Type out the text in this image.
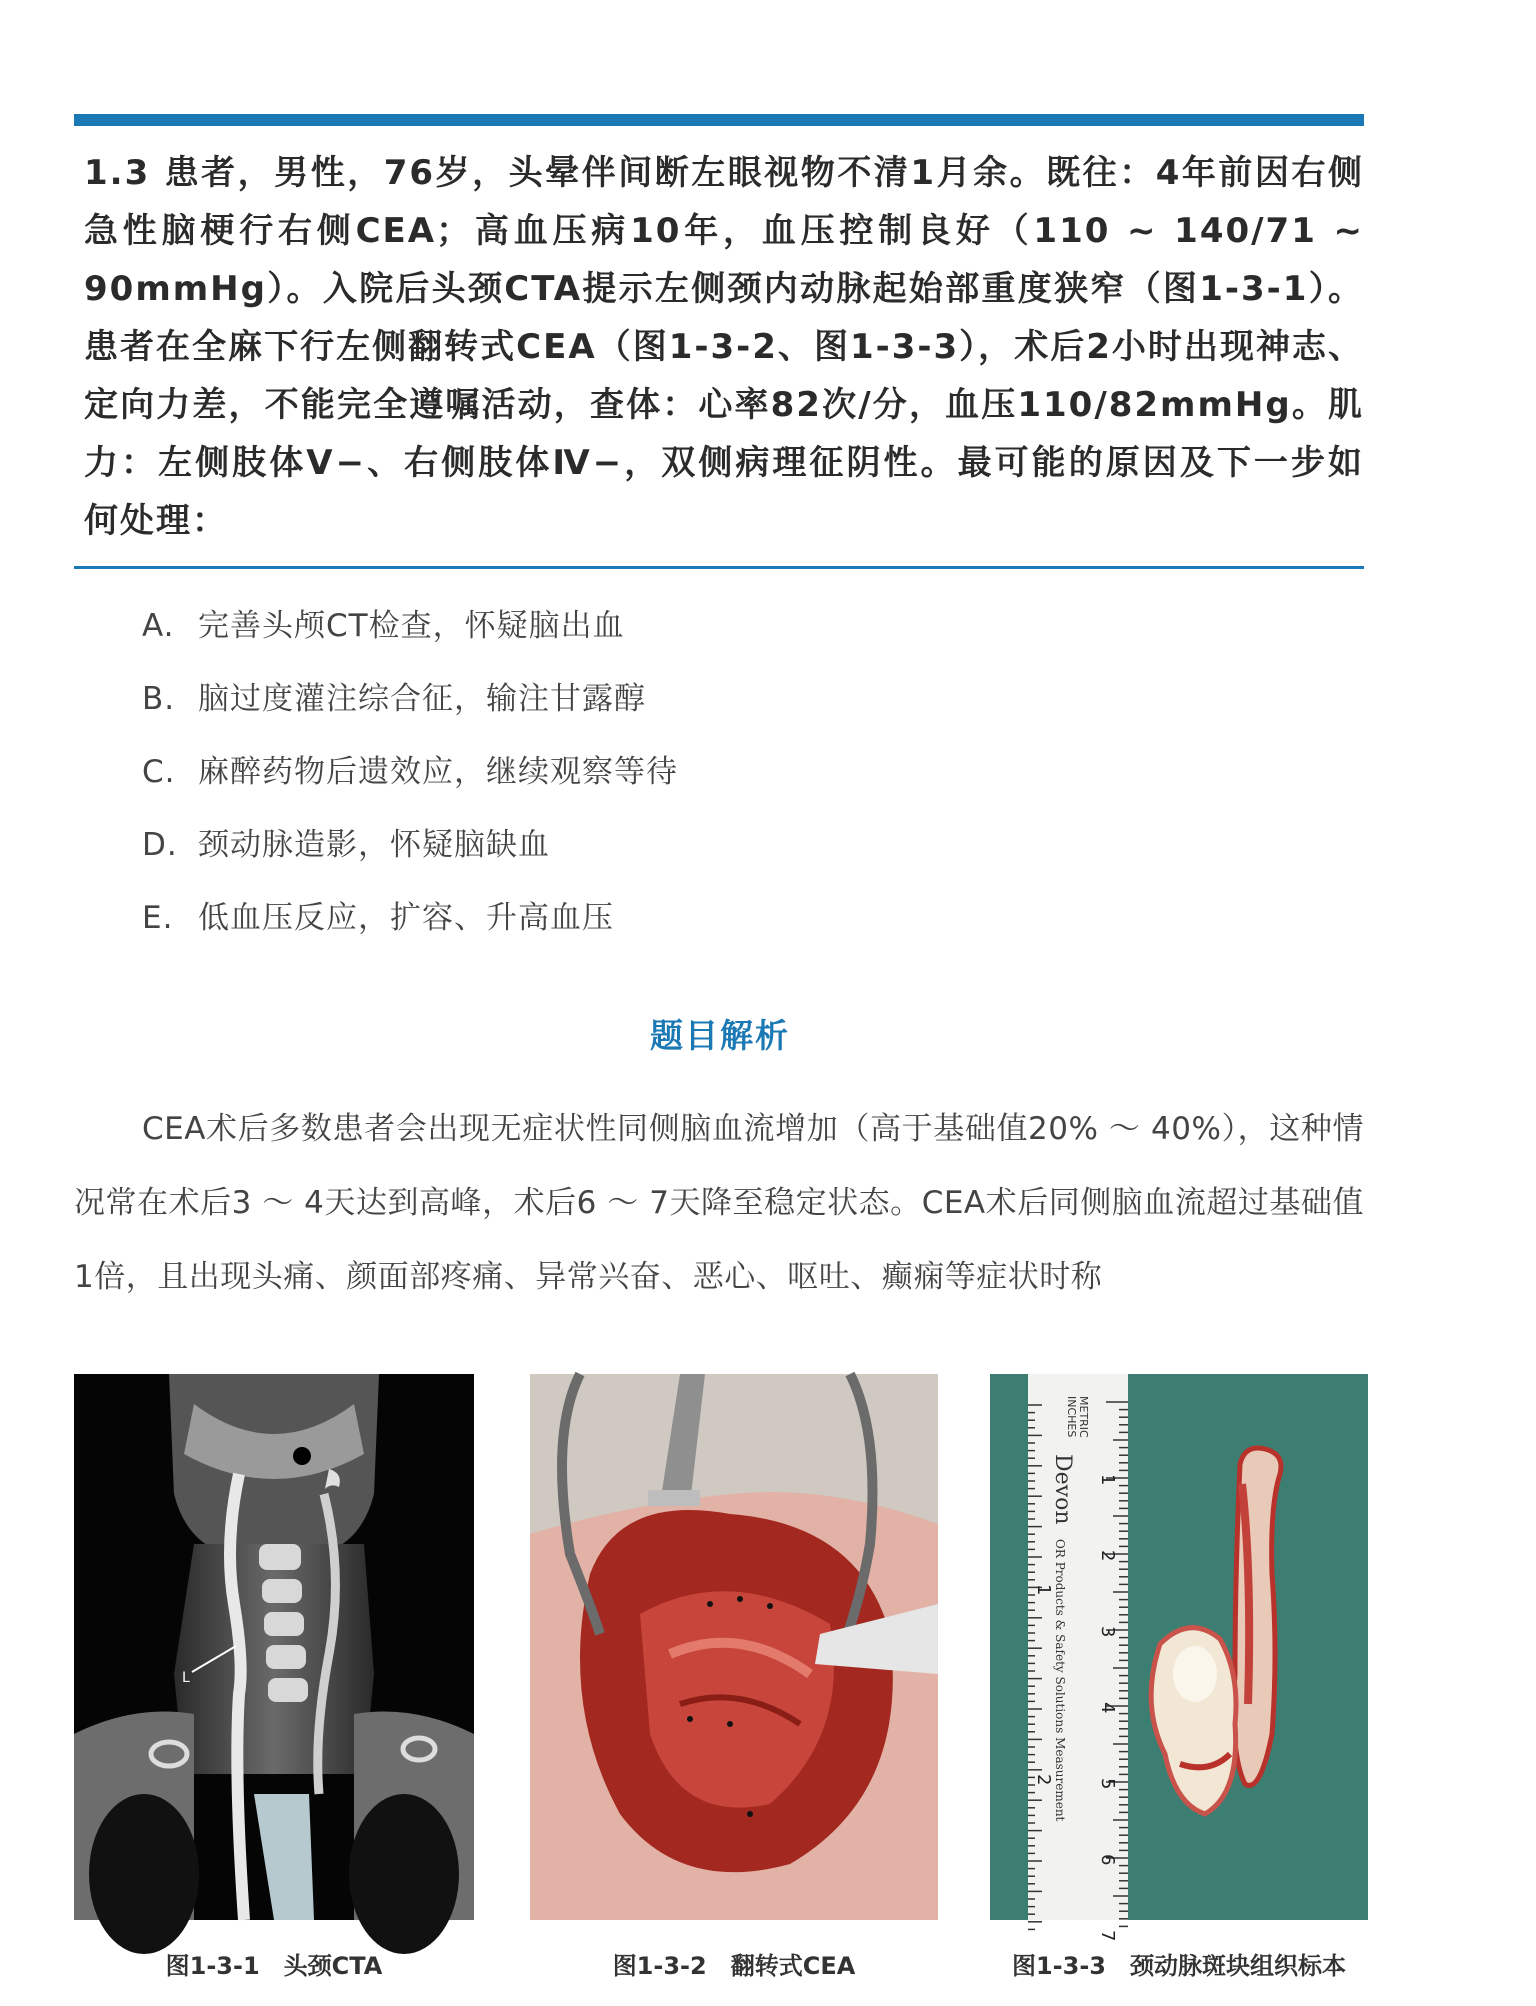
1.3 患者，男性，76岁，头晕伴间断左眼视物不清1月余。既往：4年前因右侧急性脑梗行右侧CEA；高血压病10年，血压控制良好（110 ~ 140/71 ~ 90mmHg）。入院后头颈CTA提示左侧颈内动脉起始部重度狭窄（图1-3-1）。患者在全麻下行左侧翻转式CEA（图1-3-2、图1-3-3），术后2小时出现神志、定向力差，不能完全遵嘱活动，查体：心率82次/分，血压110/82mmHg。肌力：左侧肢体Ⅴ−、右侧肢体Ⅳ−，双侧病理征阴性。最可能的原因及下一步如何处理：

A. 完善头颅CT检查，怀疑脑出血
B. 脑过度灌注综合征，输注甘露醇
C. 麻醉药物后遗效应，继续观察等待
D. 颈动脉造影，怀疑脑缺血
E. 低血压反应，扩容、升高血压
题目解析

CEA术后多数患者会出现无症状性同侧脑血流增加（高于基础值20% ～ 40%），这种情况常在术后3 ～ 4天达到高峰，术后6 ～ 7天降至稳定状态。CEA术后同侧脑血流超过基础值1倍，且出现头痛、颜面部疼痛、异常兴奋、恶心、呕吐、癫痫等症状时称

L
图1-3-1　头颈CTA	图1-3-2　翻转式CEA
METRIC
INCHES
Devon
OR Products & Safety Solutions Measurement
1
2
3
4
5
6
7
1
2
图1-3-3　颈动脉斑块组织标本
